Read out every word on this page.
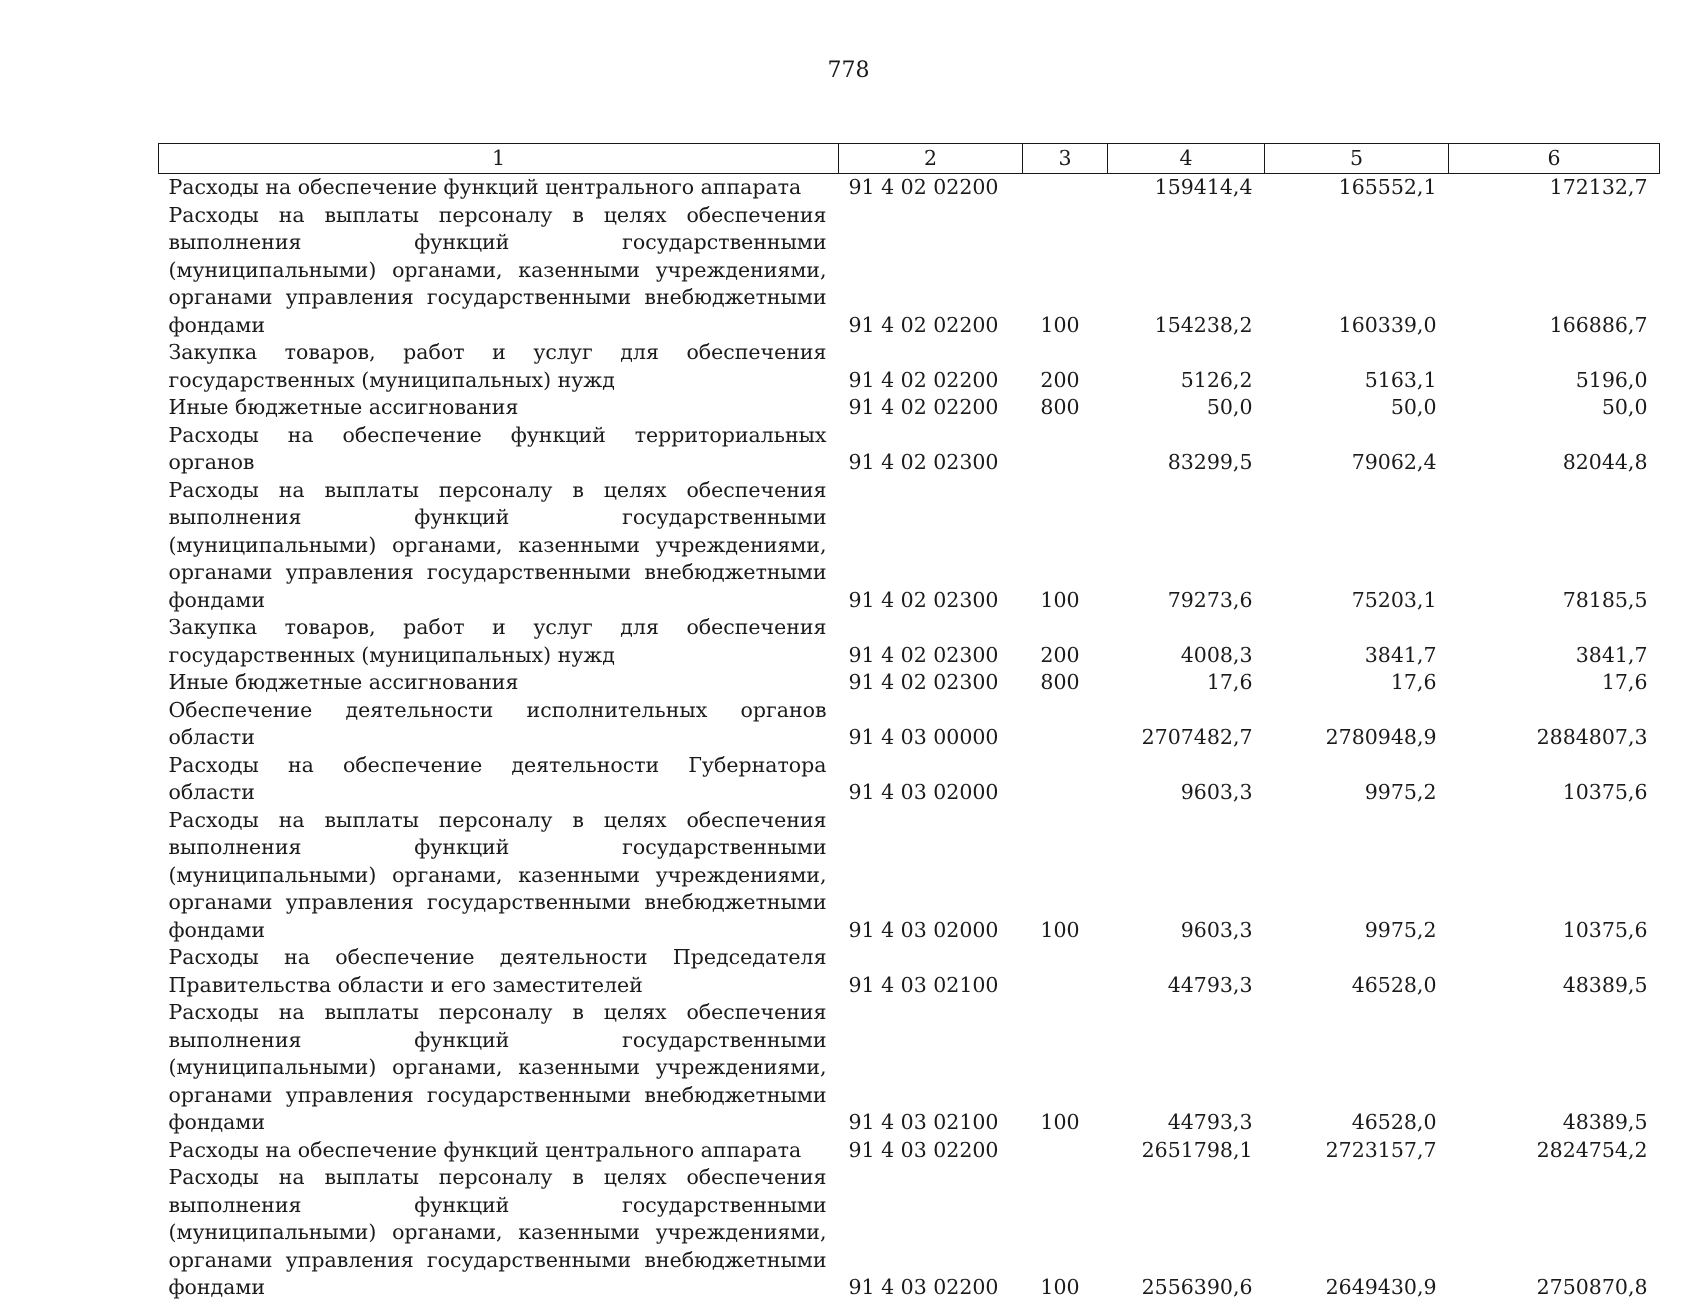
778
1	2	3	4	5	6
Расходы на обеспечение функций центрального аппарата	91 4 02 02200		159414,4	165552,1	172132,7
Расходы на выплаты персоналу в целях обеспечения выполнения функций государственными (муниципальными) органами, казенными учреждениями, органами управления государственными внебюджетными фондами	91 4 02 02200	100	154238,2	160339,0	166886,7
Закупка товаров, работ и услуг для обеспечения государственных (муниципальных) нужд	91 4 02 02200	200	5126,2	5163,1	5196,0
Иные бюджетные ассигнования	91 4 02 02200	800	50,0	50,0	50,0
Расходы на обеспечение функций территориальных органов	91 4 02 02300		83299,5	79062,4	82044,8
Расходы на выплаты персоналу в целях обеспечения выполнения функций государственными (муниципальными) органами, казенными учреждениями, органами управления государственными внебюджетными фондами	91 4 02 02300	100	79273,6	75203,1	78185,5
Закупка товаров, работ и услуг для обеспечения государственных (муниципальных) нужд	91 4 02 02300	200	4008,3	3841,7	3841,7
Иные бюджетные ассигнования	91 4 02 02300	800	17,6	17,6	17,6
Обеспечение деятельности исполнительных органов области	91 4 03 00000		2707482,7	2780948,9	2884807,3
Расходы на обеспечение деятельности Губернатора области	91 4 03 02000		9603,3	9975,2	10375,6
Расходы на выплаты персоналу в целях обеспечения выполнения функций государственными (муниципальными) органами, казенными учреждениями, органами управления государственными внебюджетными фондами	91 4 03 02000	100	9603,3	9975,2	10375,6
Расходы на обеспечение деятельности Председателя Правительства области и его заместителей	91 4 03 02100		44793,3	46528,0	48389,5
Расходы на выплаты персоналу в целях обеспечения выполнения функций государственными (муниципальными) органами, казенными учреждениями, органами управления государственными внебюджетными фондами	91 4 03 02100	100	44793,3	46528,0	48389,5
Расходы на обеспечение функций центрального аппарата	91 4 03 02200		2651798,1	2723157,7	2824754,2
Расходы на выплаты персоналу в целях обеспечения выполнения функций государственными (муниципальными) органами, казенными учреждениями, органами управления государственными внебюджетными фондами	91 4 03 02200	100	2556390,6	2649430,9	2750870,8
